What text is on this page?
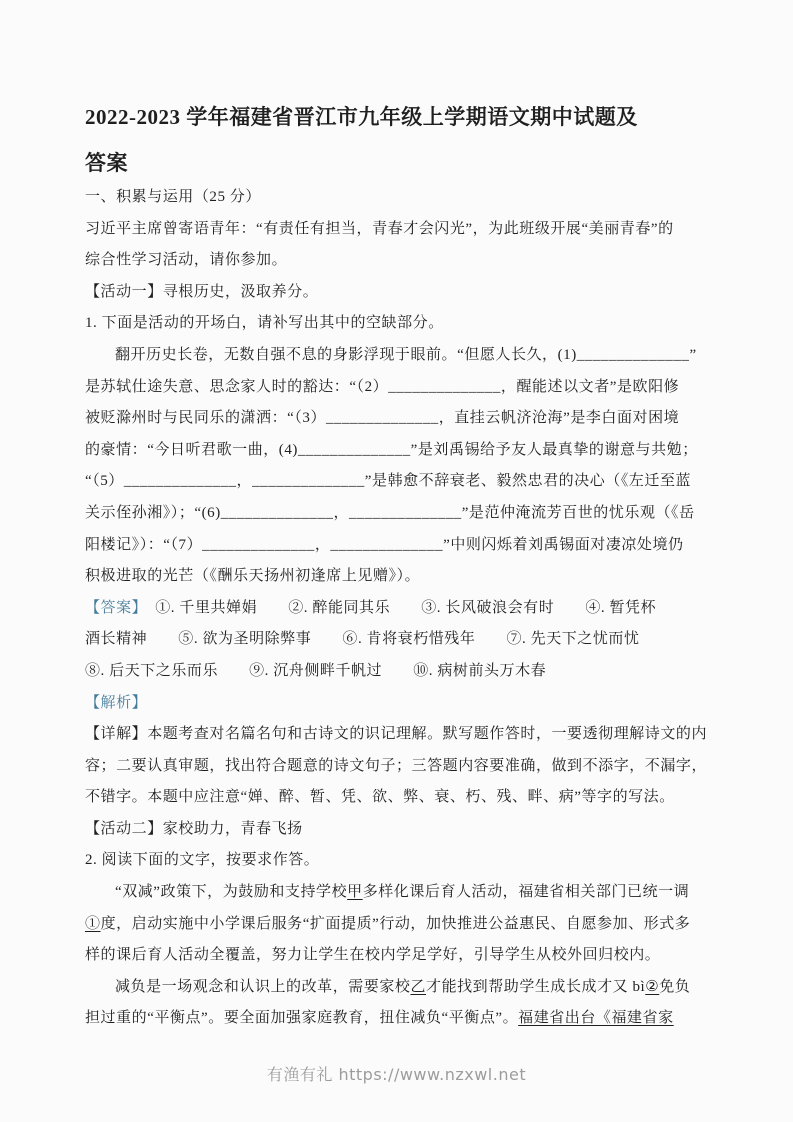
2022-2023 学年福建省晋江市九年级上学期语文期中试题及
答案
一、积累与运用（25 分）
习近平主席曾寄语青年：“有责任有担当，青春才会闪光”，为此班级开展“美丽青春”的
综合性学习活动，请你参加。
【活动一】寻根历史，汲取养分。
1. 下面是活动的开场白，请补写出其中的空缺部分。
翻开历史长卷，无数自强不息的身影浮现于眼前。“但愿人长久，(1)______________”
是苏轼仕途失意、思念家人时的豁达：“（2）______________，醒能述以文者”是欧阳修
被贬滁州时与民同乐的潇洒：“（3）______________，直挂云帆济沧海”是李白面对困境
的豪情：“今日听君歌一曲，(4)______________”是刘禹锡给予友人最真挚的谢意与共勉；
“（5）______________，______________”是韩愈不辞衰老、毅然忠君的决心（《左迁至蓝
关示侄孙湘》）；“(6)______________，______________”是范仲淹流芳百世的忧乐观（《岳
阳楼记》）：“（7）______________，______________”中则闪烁着刘禹锡面对凄凉处境仍
积极进取的光芒（《酬乐天扬州初逢席上见赠》）。
【答案】　①. 千里共婵娟　　②. 醉能同其乐　　③. 长风破浪会有时　　④. 暂凭杯
酒长精神　　⑤. 欲为圣明除弊事　　⑥. 肯将衰朽惜残年　　⑦. 先天下之忧而忧
⑧. 后天下之乐而乐　　⑨. 沉舟侧畔千帆过　　⑩. 病树前头万木春
【解析】
【详解】本题考查对名篇名句和古诗文的识记理解。默写题作答时，一要透彻理解诗文的内
容；二要认真审题，找出符合题意的诗文句子；三答题内容要准确，做到不添字，不漏字，
不错字。本题中应注意“婵、醉、暂、凭、欲、弊、衰、朽、残、畔、病”等字的写法。
【活动二】家校助力，青春飞扬
2. 阅读下面的文字，按要求作答。
“双减”政策下，为鼓励和支持学校甲多样化课后育人活动，福建省相关部门已统一调
①度，启动实施中小学课后服务“扩面提质”行动，加快推进公益惠民、自愿参加、形式多
样的课后育人活动全覆盖，努力让学生在校内学足学好，引导学生从校外回归校内。
减负是一场观念和认识上的改革，需要家校乙才能找到帮助学生成长成才又 bì②免负
担过重的“平衡点”。要全面加强家庭教育，扭住减负“平衡点”。福建省出台《福建省家
有渔有礼 https://www.nzxwl.net
